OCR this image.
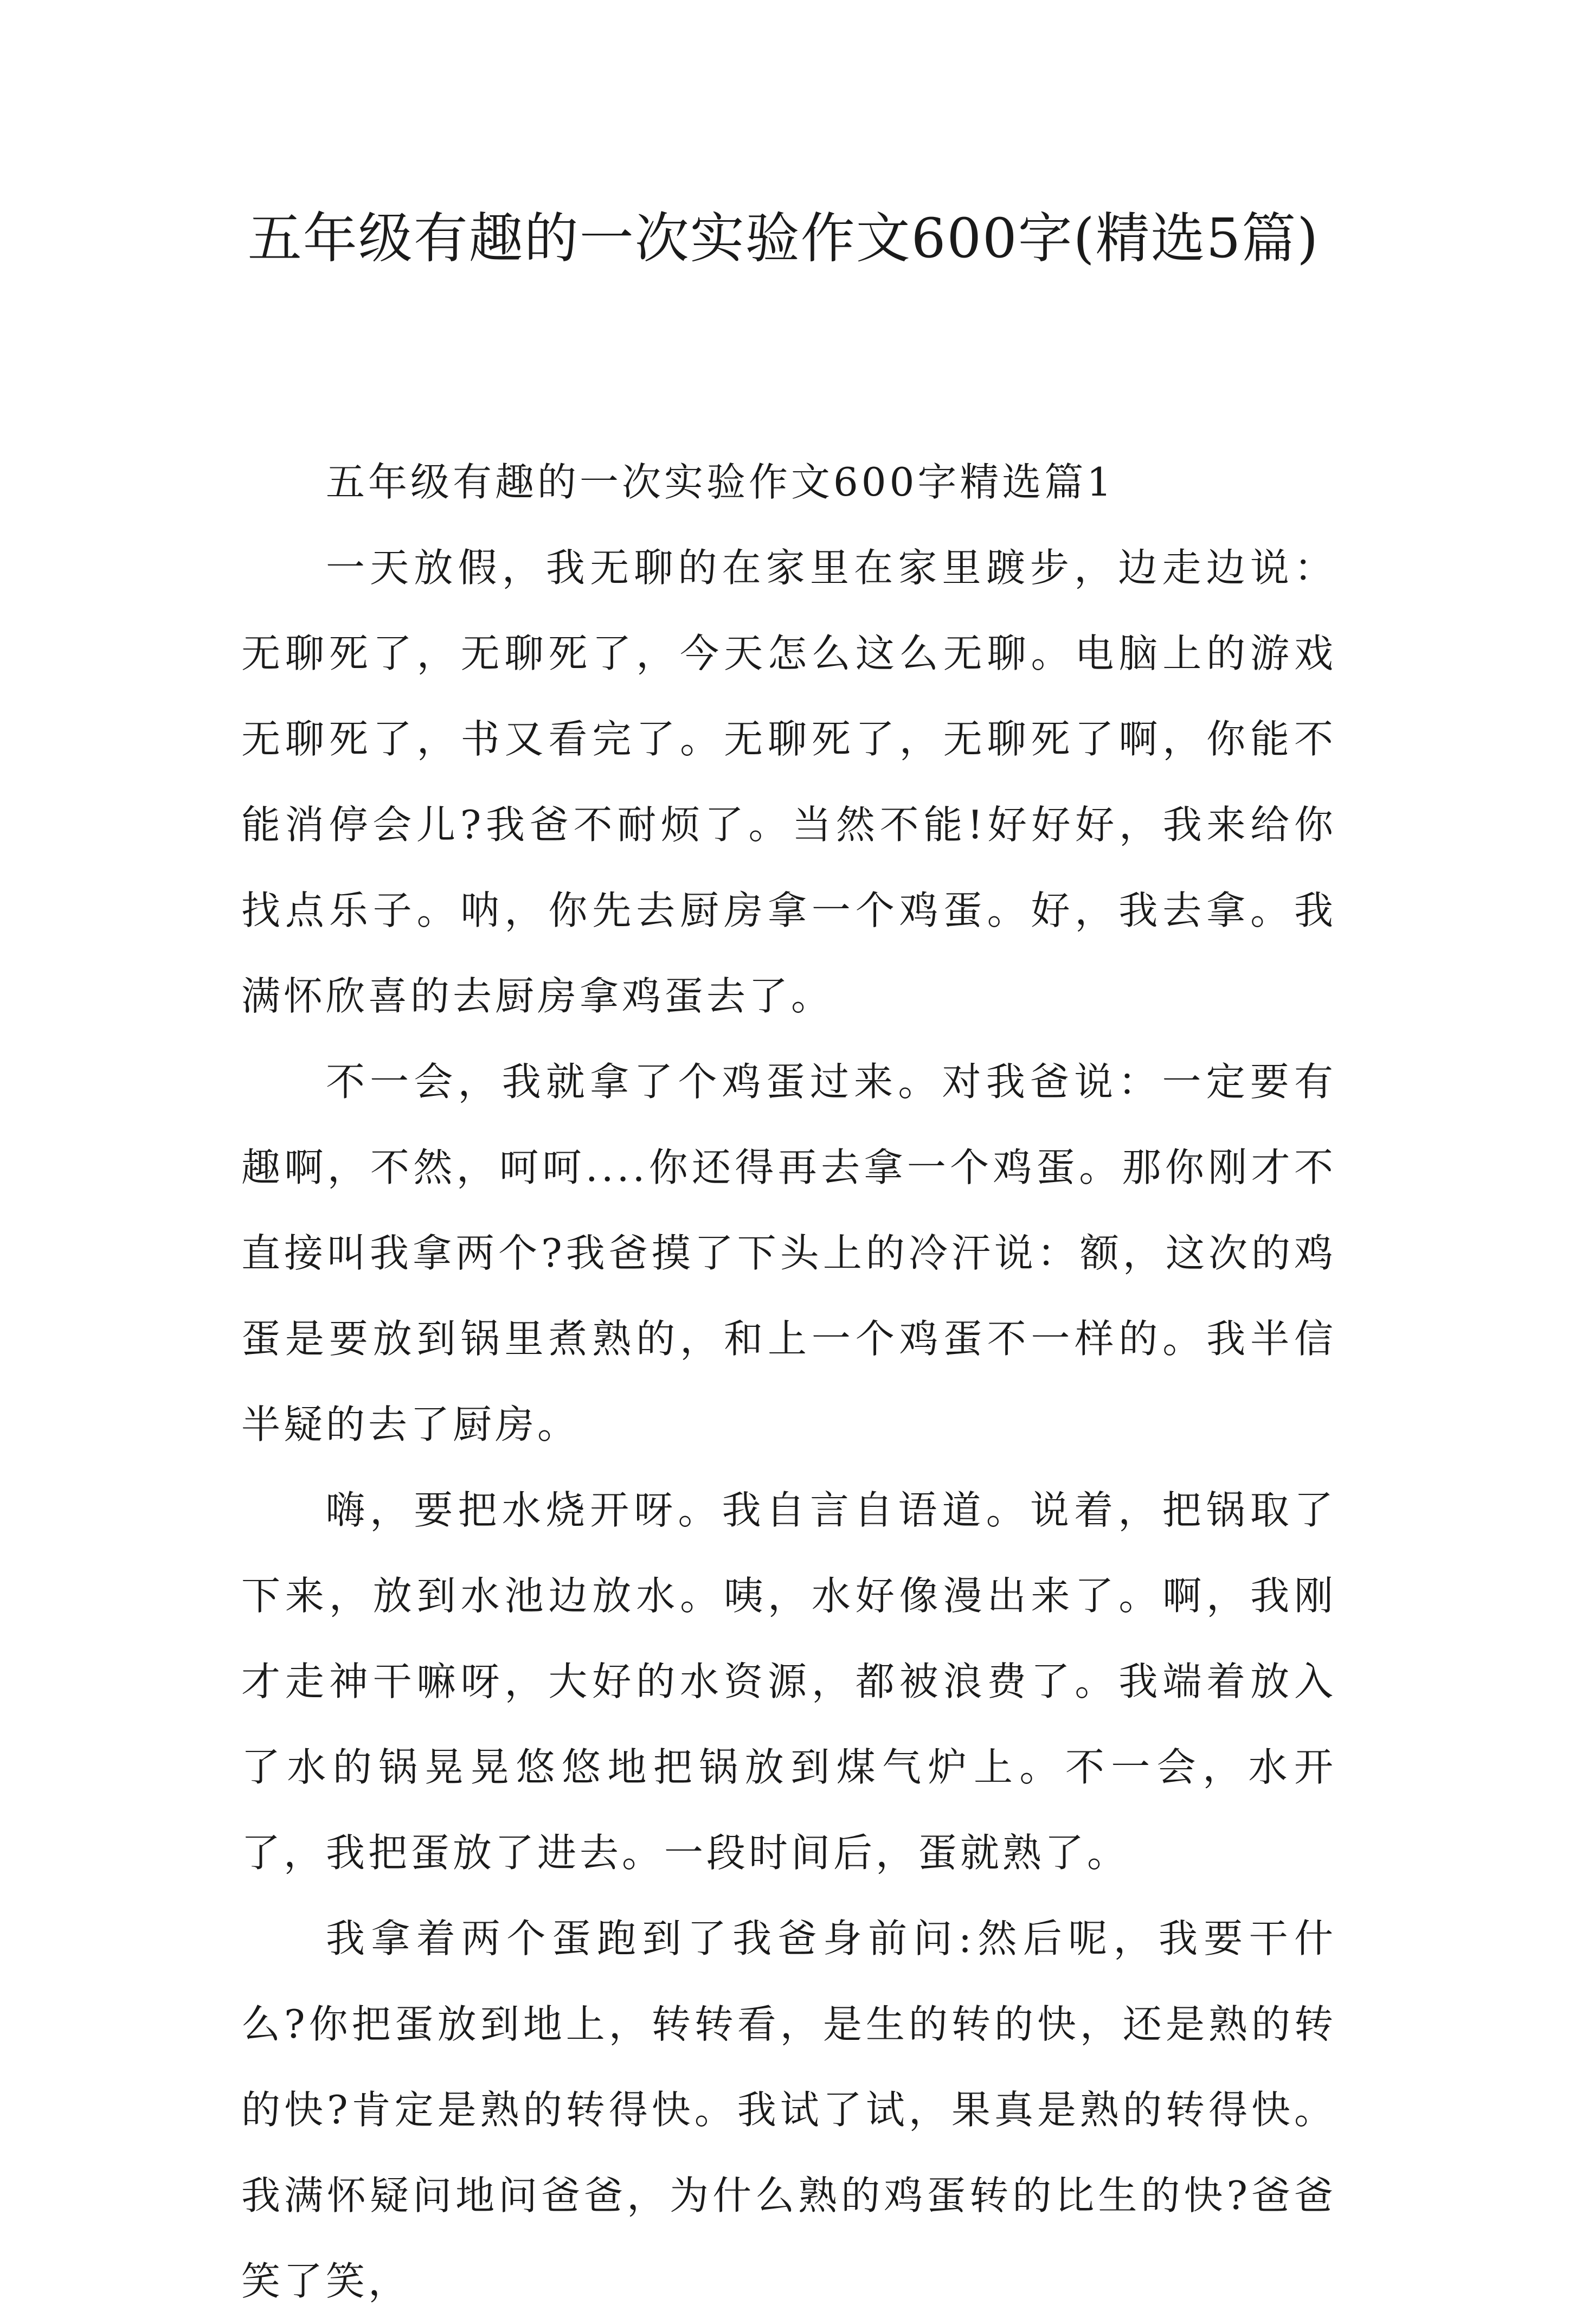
五年级有趣的一次实验作文600字(精选5篇)

五年级有趣的一次实验作文600字精选篇1

一天放假，我无聊的在家里在家里踱步，边走边说：无聊死了，无聊死了，今天怎么这么无聊。电脑上的游戏无聊死了，书又看完了。无聊死了，无聊死了啊，你能不能消停会儿?我爸不耐烦了。当然不能!好好好，我来给你找点乐子。呐，你先去厨房拿一个鸡蛋。好，我去拿。我满怀欣喜的去厨房拿鸡蛋去了。

不一会，我就拿了个鸡蛋过来。对我爸说：一定要有趣啊，不然，呵呵....你还得再去拿一个鸡蛋。那你刚才不直接叫我拿两个?我爸摸了下头上的冷汗说：额，这次的鸡蛋是要放到锅里煮熟的，和上一个鸡蛋不一样的。我半信半疑的去了厨房。

嗨，要把水烧开呀。我自言自语道。说着，把锅取了下来，放到水池边放水。咦，水好像漫出来了。啊，我刚才走神干嘛呀，大好的水资源，都被浪费了。我端着放入了水的锅晃晃悠悠地把锅放到煤气炉上。不一会，水开了，我把蛋放了进去。一段时间后，蛋就熟了。

我拿着两个蛋跑到了我爸身前问:然后呢，我要干什么?你把蛋放到地上，转转看，是生的转的快，还是熟的转的快?肯定是熟的转得快。我试了试，果真是熟的转得快。我满怀疑问地问爸爸，为什么熟的鸡蛋转的比生的快?爸爸笑了笑，
